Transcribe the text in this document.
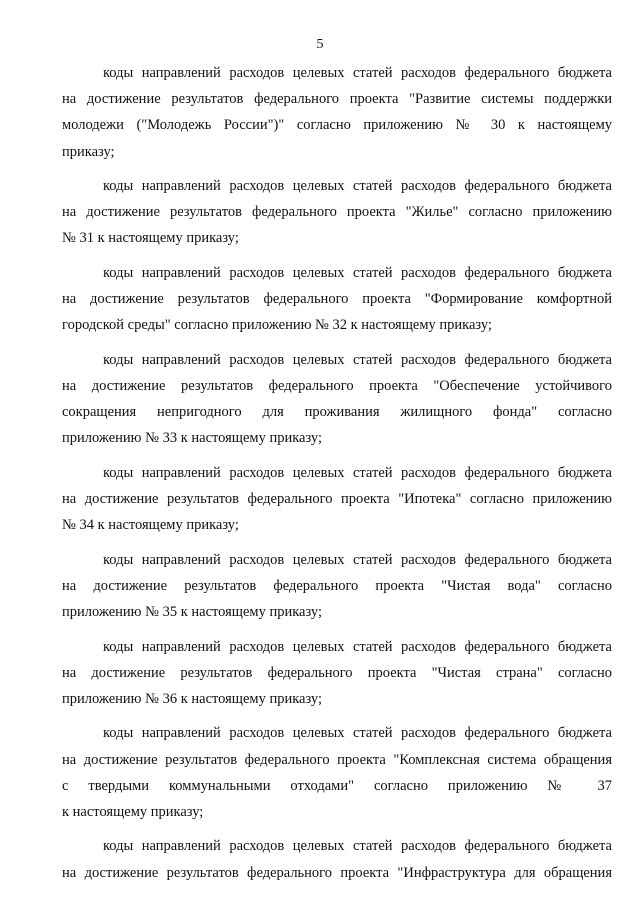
5
коды направлений расходов целевых статей расходов федерального бюджета
на достижение результатов федерального проекта "Развитие системы поддержки
молодежи ("Молодежь России")" согласно приложению № 30 к настоящему
приказу;
коды направлений расходов целевых статей расходов федерального бюджета
на достижение результатов федерального проекта "Жилье" согласно приложению
№ 31 к настоящему приказу;
коды направлений расходов целевых статей расходов федерального бюджета
на достижение результатов федерального проекта "Формирование комфортной
городской среды" согласно приложению № 32 к настоящему приказу;
коды направлений расходов целевых статей расходов федерального бюджета
на достижение результатов федерального проекта "Обеспечение устойчивого
сокращения непригодного для проживания жилищного фонда" согласно
приложению № 33 к настоящему приказу;
коды направлений расходов целевых статей расходов федерального бюджета
на достижение результатов федерального проекта "Ипотека" согласно приложению
№ 34 к настоящему приказу;
коды направлений расходов целевых статей расходов федерального бюджета
на достижение результатов федерального проекта "Чистая вода" согласно
приложению № 35 к настоящему приказу;
коды направлений расходов целевых статей расходов федерального бюджета
на достижение результатов федерального проекта "Чистая страна" согласно
приложению № 36 к настоящему приказу;
коды направлений расходов целевых статей расходов федерального бюджета
на достижение результатов федерального проекта "Комплексная система обращения
с твердыми коммунальными отходами" согласно приложению № 37
к настоящему приказу;
коды направлений расходов целевых статей расходов федерального бюджета
на достижение результатов федерального проекта "Инфраструктура для обращения
